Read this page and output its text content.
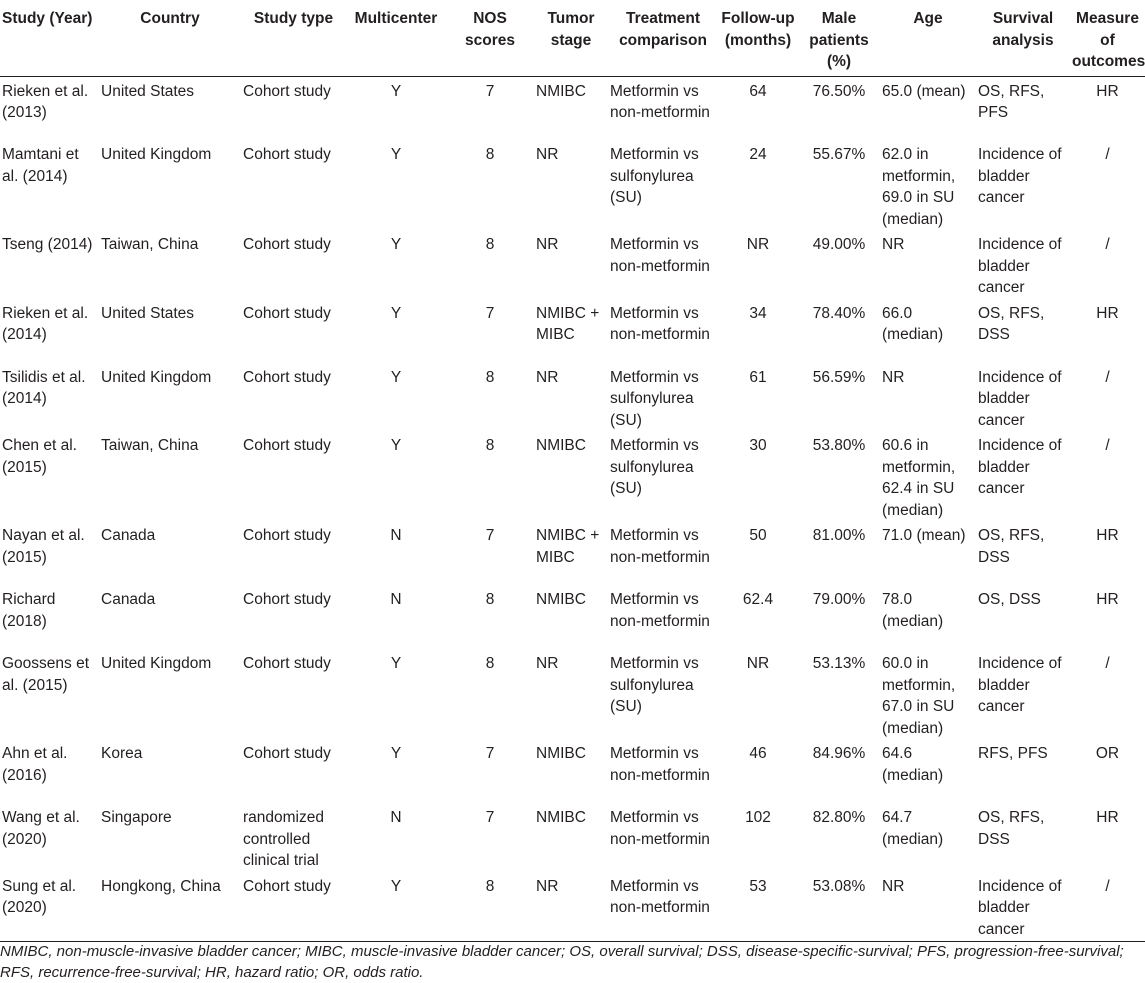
Study (Year)	Country	Study type	Multicenter	NOS scores	Tumor stage	Treatment comparison	Follow-up (months)	Male patients (%)	Age	Survival analysis	Measure of outcomes
Rieken et al. (2013)	United States	Cohort study	Y	7	NMIBC	Metformin vs non-metformin	64	76.50%	65.0 (mean)	OS, RFS, PFS	HR
Mamtani et al. (2014)	United Kingdom	Cohort study	Y	8	NR	Metformin vs sulfonylurea (SU)	24	55.67%	62.0 in metformin, 69.0 in SU (median)	Incidence of bladder cancer	/
Tseng (2014)	Taiwan, China	Cohort study	Y	8	NR	Metformin vs non-metformin	NR	49.00%	NR	Incidence of bladder cancer	/
Rieken et al. (2014)	United States	Cohort study	Y	7	NMIBC + MIBC	Metformin vs non-metformin	34	78.40%	66.0 (median)	OS, RFS, DSS	HR
Tsilidis et al. (2014)	United Kingdom	Cohort study	Y	8	NR	Metformin vs sulfonylurea (SU)	61	56.59%	NR	Incidence of bladder cancer	/
Chen et al. (2015)	Taiwan, China	Cohort study	Y	8	NMIBC	Metformin vs sulfonylurea (SU)	30	53.80%	60.6 in metformin, 62.4 in SU (median)	Incidence of bladder cancer	/
Nayan et al. (2015)	Canada	Cohort study	N	7	NMIBC + MIBC	Metformin vs non-metformin	50	81.00%	71.0 (mean)	OS, RFS, DSS	HR
Richard (2018)	Canada	Cohort study	N	8	NMIBC	Metformin vs non-metformin	62.4	79.00%	78.0 (median)	OS, DSS	HR
Goossens et al. (2015)	United Kingdom	Cohort study	Y	8	NR	Metformin vs sulfonylurea (SU)	NR	53.13%	60.0 in metformin, 67.0 in SU (median)	Incidence of bladder cancer	/
Ahn et al. (2016)	Korea	Cohort study	Y	7	NMIBC	Metformin vs non-metformin	46	84.96%	64.6 (median)	RFS, PFS	OR
Wang et al. (2020)	Singapore	randomized controlled clinical trial	N	7	NMIBC	Metformin vs non-metformin	102	82.80%	64.7 (median)	OS, RFS, DSS	HR
Sung et al. (2020)	Hongkong, China	Cohort study	Y	8	NR	Metformin vs non-metformin	53	53.08%	NR	Incidence of bladder cancer	/
NMIBC, non-muscle-invasive bladder cancer; MIBC, muscle-invasive bladder cancer; OS, overall survival; DSS, disease-specific-survival; PFS, progression-free-survival; RFS, recurrence-free-survival; HR, hazard ratio; OR, odds ratio.
